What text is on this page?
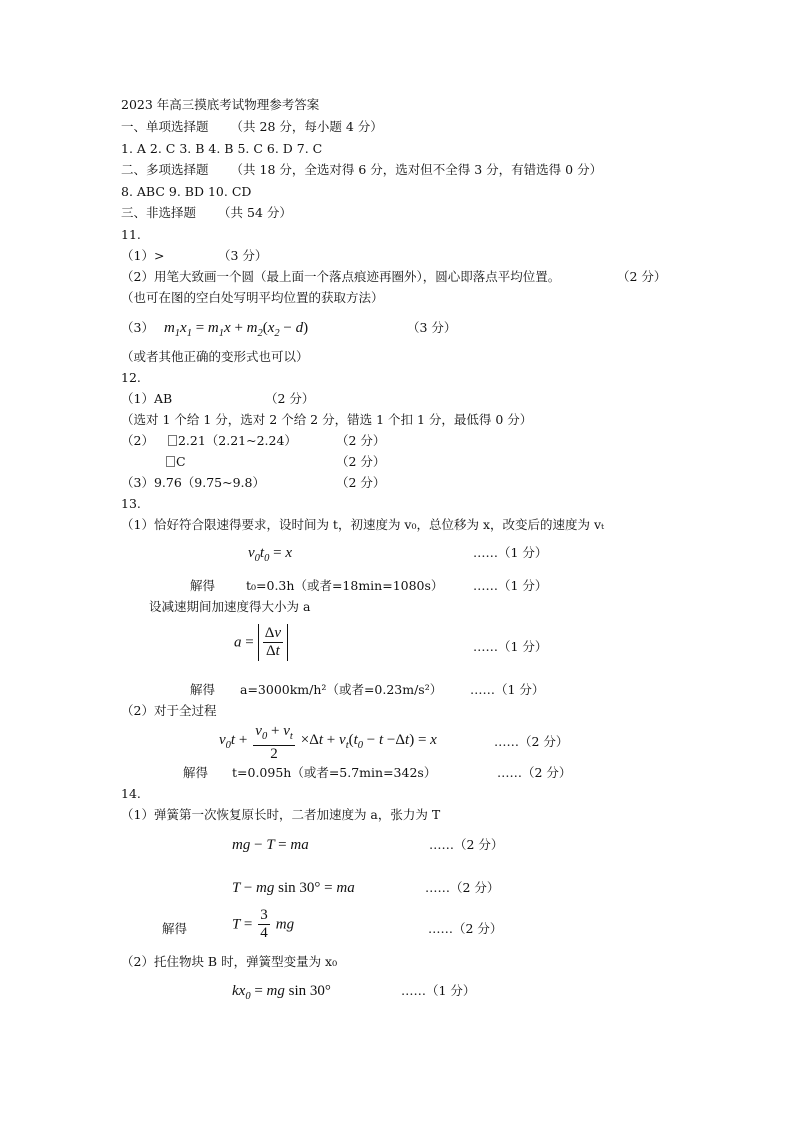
2023 年高三摸底考试物理参考答案
一、单项选择题 （共 28 分，每小题 4 分）
1. A 2. C 3. B 4. B 5. C 6. D 7. C
二、多项选择题 （共 18 分，全选对得 6 分，选对但不全得 3 分，有错选得 0 分）
8. ABC 9. BD 10. CD
三、非选择题 （共 54 分）
11.
（1）>	（3 分）
（2）用笔大致画一个圆（最上面一个落点痕迹再圈外），圆心即落点平均位置。	（2 分）
（也可在图的空白处写明平均位置的获取方法）
（3） $m_1x_1 = m_1x + m_2(x_2 - d)$	（3 分）
（或者其他正确的变形式也可以）
12.
（1）AB	（2 分）
（选对 1 个给 1 分，选对 2 个给 2 分，错选 1 个扣 1 分，最低得 0 分）
（2） 2.21（2.21~2.24）	（2 分）
C	（2 分）
（3）9.76（9.75~9.8）	（2 分）
13.
（1）恰好符合限速得要求，设时间为 t，初速度为 v₀，总位移为 x，改变后的速度为 vₜ
$v_0t_0 = x$	……（1 分）
解得 t₀=0.3h（或者=18min=1080s） ……（1 分）
设减速期间加速度得大小为 a
$a = \frac{\Delta v}{\Delta t}$	……（1 分）
解得 a=3000km/h²（或者=0.23m/s²） ……（1 分）
（2）对于全过程
$v_0t + \frac{v_0 + v_t}{2} \times\Delta t + v_t(t_0 - t -\Delta t) = x$	……（2 分）
解得 t=0.095h（或者=5.7min=342s）	……（2 分）
14.
（1）弹簧第一次恢复原长时，二者加速度为 a，张力为 T
mg − T = ma	……（2 分）
T − mg sin 30° = ma	……（2 分）
解得	$T = \frac{3}{4}$ mg	……（2 分）
（2）托住物块 B 时，弹簧型变量为 x₀
$kx_0$ = mg sin 30°	……（1 分）
